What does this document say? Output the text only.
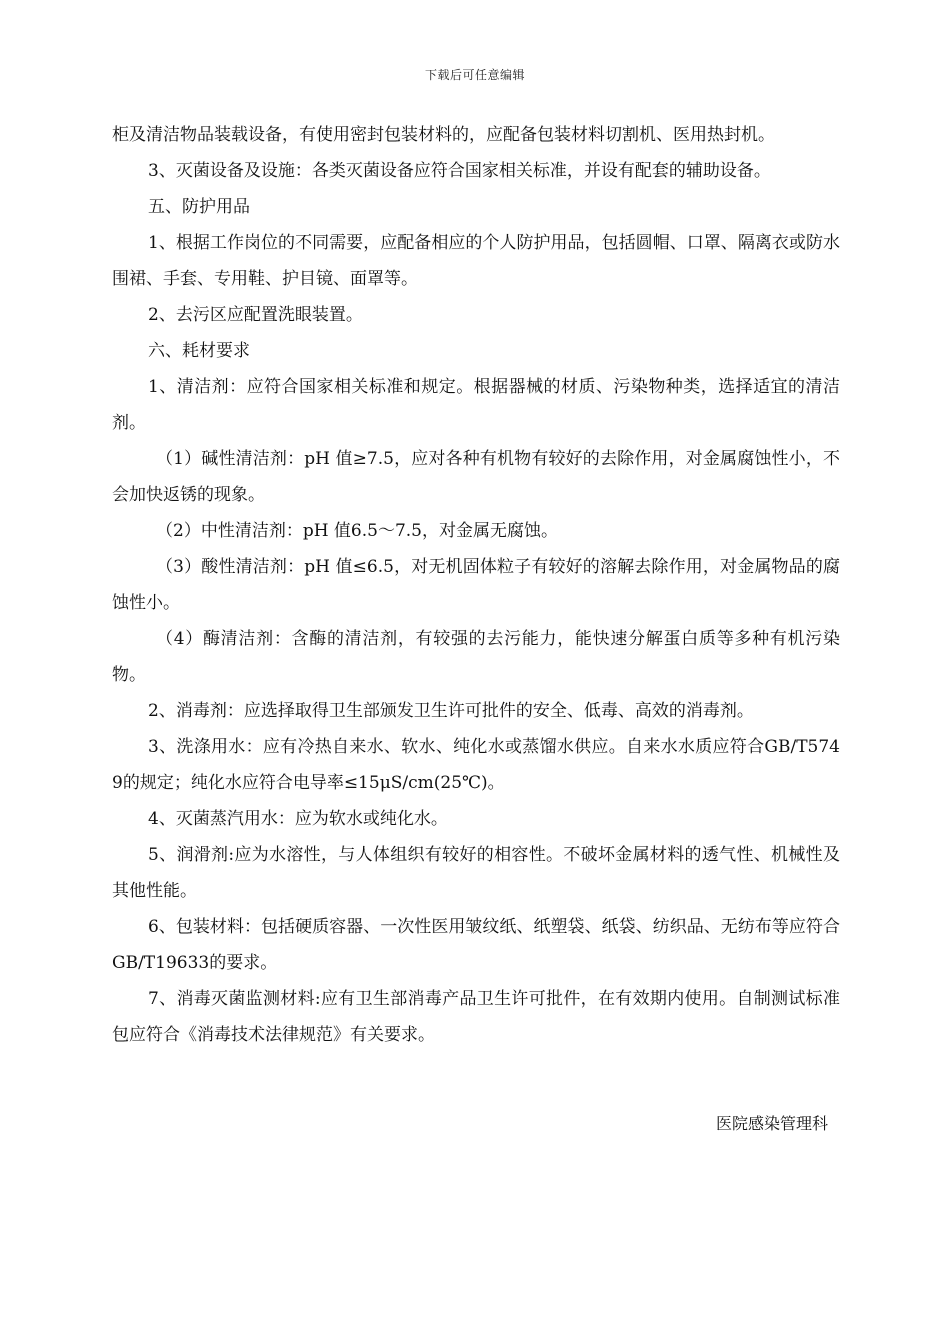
下载后可任意编辑

柜及清洁物品装载设备，有使用密封包装材料的，应配备包装材料切割机、医用热封机。

3、灭菌设备及设施：各类灭菌设备应符合国家相关标准，并设有配套的辅助设备。

五、防护用品

1、根据工作岗位的不同需要，应配备相应的个人防护用品，包括圆帽、口罩、隔离衣或防水围裙、手套、专用鞋、护目镜、面罩等。

2、去污区应配置洗眼装置。

六、耗材要求

1、清洁剂：应符合国家相关标准和规定。根据器械的材质、污染物种类，选择适宜的清洁剂。

（1）碱性清洁剂：pH 值≥7.5，应对各种有机物有较好的去除作用，对金属腐蚀性小，不会加快返锈的现象。

（2）中性清洁剂：pH 值6.5～7.5，对金属无腐蚀。

（3）酸性清洁剂：pH 值≤6.5，对无机固体粒子有较好的溶解去除作用，对金属物品的腐蚀性小。

（4）酶清洁剂：含酶的清洁剂，有较强的去污能力，能快速分解蛋白质等多种有机污染物。

2、消毒剂：应选择取得卫生部颁发卫生许可批件的安全、低毒、高效的消毒剂。

3、洗涤用水：应有冷热自来水、软水、纯化水或蒸馏水供应。自来水水质应符合GB/T5749的规定；纯化水应符合电导率≤15μS/cm(25℃)。

4、灭菌蒸汽用水：应为软水或纯化水。

5、润滑剂:应为水溶性，与人体组织有较好的相容性。不破坏金属材料的透气性、机械性及其他性能。

6、包装材料：包括硬质容器、一次性医用皱纹纸、纸塑袋、纸袋、纺织品、无纺布等应符合GB/T19633的要求。

7、消毒灭菌监测材料:应有卫生部消毒产品卫生许可批件，在有效期内使用。自制测试标准包应符合《消毒技术法律规范》有关要求。

医院感染管理科
